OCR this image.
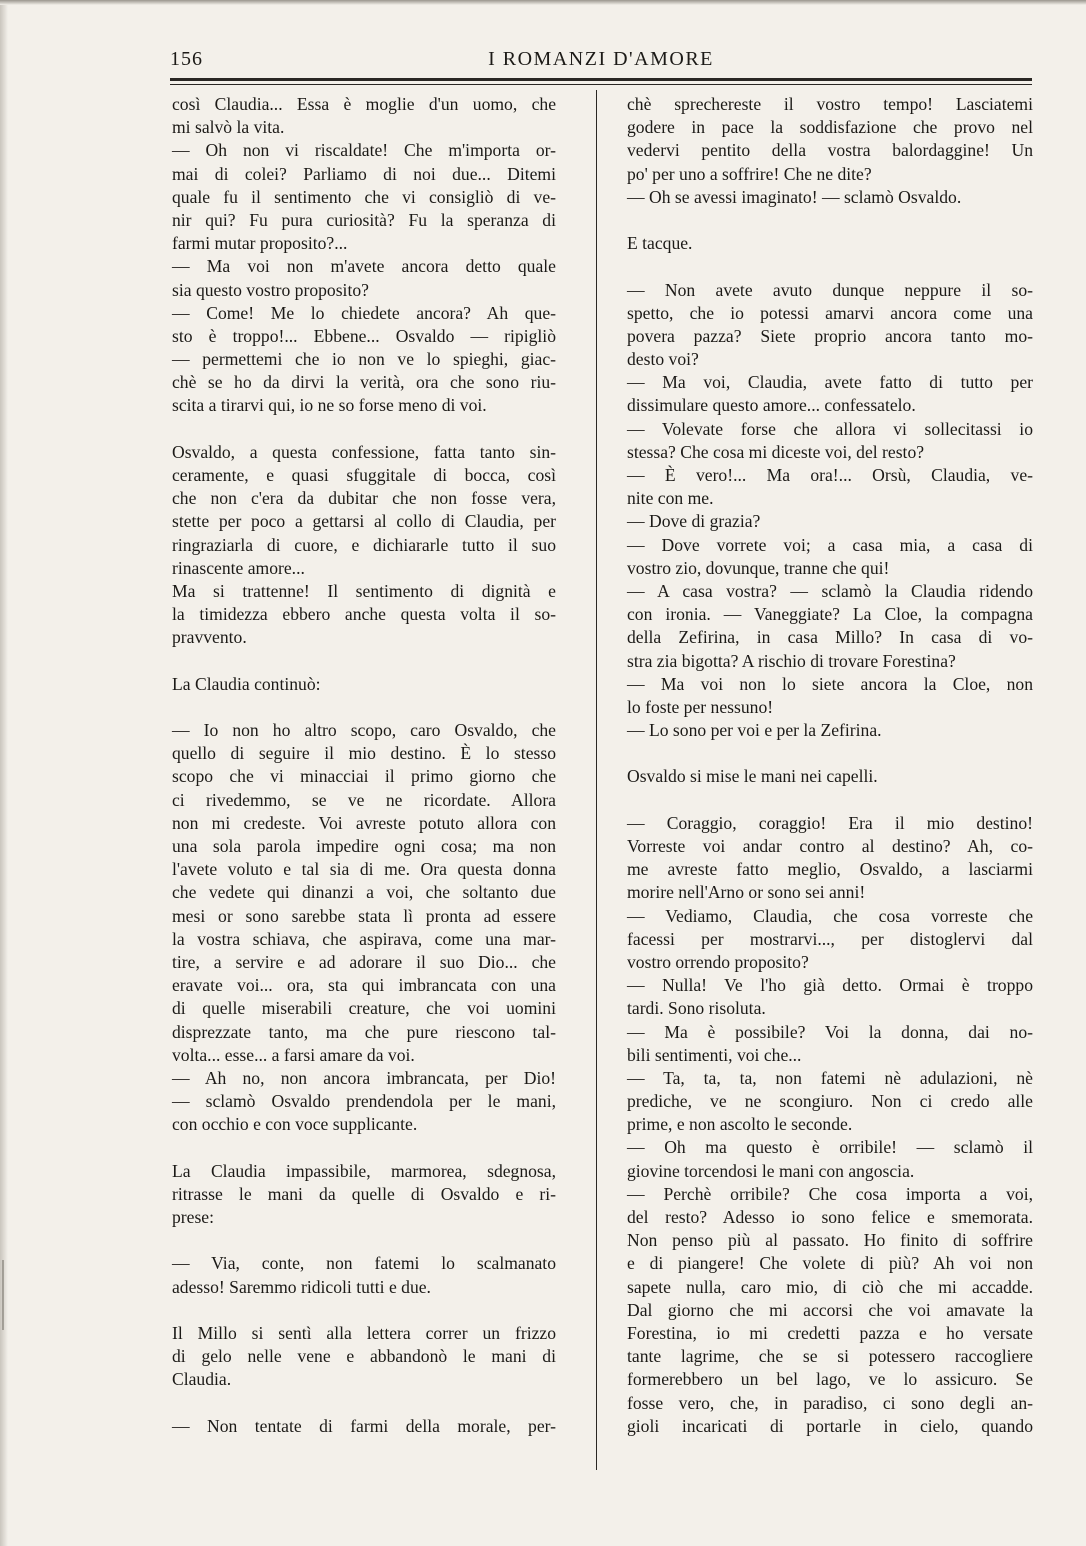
156	I ROMANZI D'AMORE
così Claudia... Essa è moglie d'un uomo, che
mi salvò la vita.
— Oh non vi riscaldate! Che m'importa or-
mai di colei? Parliamo di noi due... Ditemi
quale fu il sentimento che vi consigliò di ve-
nir qui? Fu pura curiosità? Fu la speranza di
farmi mutar proposito?...
— Ma voi non m'avete ancora detto quale
sia questo vostro proposito?
— Come! Me lo chiedete ancora? Ah que-
sto è troppo!... Ebbene... Osvaldo — ripigliò
— permettemi che io non ve lo spieghi, giac-
chè se ho da dirvi la verità, ora che sono riu-
scita a tirarvi qui, io ne so forse meno di voi.
Osvaldo, a questa confessione, fatta tanto sin-
ceramente, e quasi sfuggitale di bocca, così
che non c'era da dubitar che non fosse vera,
stette per poco a gettarsi al collo di Claudia, per
ringraziarla di cuore, e dichiararle tutto il suo
rinascente amore...
Ma si trattenne! Il sentimento di dignità e
la timidezza ebbero anche questa volta il so-
pravvento.
La Claudia continuò:
— Io non ho altro scopo, caro Osvaldo, che
quello di seguire il mio destino. È lo stesso
scopo che vi minacciai il primo giorno che
ci rivedemmo, se ve ne ricordate. Allora
non mi credeste. Voi avreste potuto allora con
una sola parola impedire ogni cosa; ma non
l'avete voluto e tal sia di me. Ora questa donna
che vedete qui dinanzi a voi, che soltanto due
mesi or sono sarebbe stata lì pronta ad essere
la vostra schiava, che aspirava, come una mar-
tire, a servire e ad adorare il suo Dio... che
eravate voi... ora, sta qui imbrancata con una
di quelle miserabili creature, che voi uomini
disprezzate tanto, ma che pure riescono tal-
volta... esse... a farsi amare da voi.
— Ah no, non ancora imbrancata, per Dio!
— sclamò Osvaldo prendendola per le mani,
con occhio e con voce supplicante.
La Claudia impassibile, marmorea, sdegnosa,
ritrasse le mani da quelle di Osvaldo e ri-
prese:
— Via, conte, non fatemi lo scalmanato
adesso! Saremmo ridicoli tutti e due.
Il Millo si sentì alla lettera correr un frizzo
di gelo nelle vene e abbandonò le mani di
Claudia.
— Non tentate di farmi della morale, per-
chè sprechereste il vostro tempo! Lasciatemi
godere in pace la soddisfazione che provo nel
vedervi pentito della vostra balordaggine! Un
po' per uno a soffrire! Che ne dite?
— Oh se avessi imaginato! — sclamò Osvaldo.
E tacque.
— Non avete avuto dunque neppure il so-
spetto, che io potessi amarvi ancora come una
povera pazza? Siete proprio ancora tanto mo-
desto voi?
— Ma voi, Claudia, avete fatto di tutto per
dissimulare questo amore... confessatelo.
— Volevate forse che allora vi sollecitassi io
stessa? Che cosa mi diceste voi, del resto?
— È vero!... Ma ora!... Orsù, Claudia, ve-
nite con me.
— Dove di grazia?
— Dove vorrete voi; a casa mia, a casa di
vostro zio, dovunque, tranne che qui!
— A casa vostra? — sclamò la Claudia ridendo
con ironia. — Vaneggiate? La Cloe, la compagna
della Zefirina, in casa Millo? In casa di vo-
stra zia bigotta? A rischio di trovare Forestina?
— Ma voi non lo siete ancora la Cloe, non
lo foste per nessuno!
— Lo sono per voi e per la Zefirina.
Osvaldo si mise le mani nei capelli.
— Coraggio, coraggio! Era il mio destino!
Vorreste voi andar contro al destino? Ah, co-
me avreste fatto meglio, Osvaldo, a lasciarmi
morire nell'Arno or sono sei anni!
— Vediamo, Claudia, che cosa vorreste che
facessi per mostrarvi..., per distoglervi dal
vostro orrendo proposito?
— Nulla! Ve l'ho già detto. Ormai è troppo
tardi. Sono risoluta.
— Ma è possibile? Voi la donna, dai no-
bili sentimenti, voi che...
— Ta, ta, ta, non fatemi nè adulazioni, nè
prediche, ve ne scongiuro. Non ci credo alle
prime, e non ascolto le seconde.
— Oh ma questo è orribile! — sclamò il
giovine torcendosi le mani con angoscia.
— Perchè orribile? Che cosa importa a voi,
del resto? Adesso io sono felice e smemorata.
Non penso più al passato. Ho finito di soffrire
e di piangere! Che volete di più? Ah voi non
sapete nulla, caro mio, di ciò che mi accadde.
Dal giorno che mi accorsi che voi amavate la
Forestina, io mi credetti pazza e ho versate
tante lagrime, che se si potessero raccogliere
formerebbero un bel lago, ve lo assicuro. Se
fosse vero, che, in paradiso, ci sono degli an-
gioli incaricati di portarle in cielo, quando
